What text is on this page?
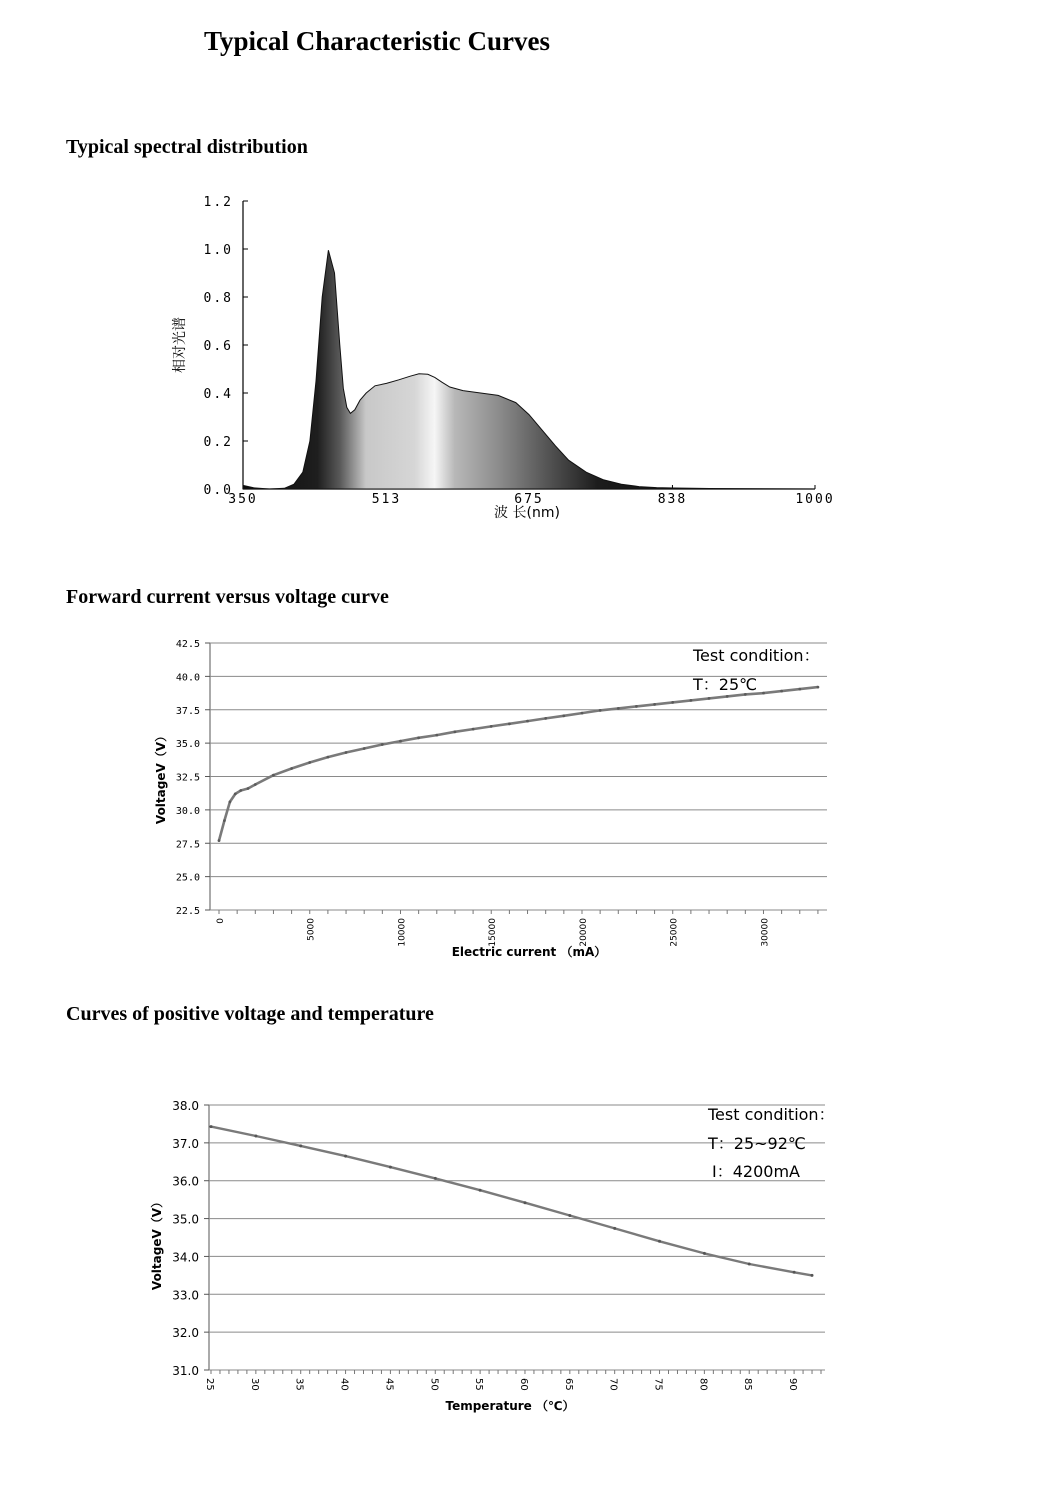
Typical Characteristic Curves
Typical spectral distribution
Forward current versus voltage curve
Curves of positive voltage and temperature
0.0
0.2
0.4
0.6
0.8
1.0
1.2
350	513	675	838	1000
波 长(nm)
相对光谱
22.5
25.0
27.5
30.0
32.5
35.0
37.5
40.0
42.5
0	5000	10000	15000	20000	25000	30000
Electric current （mA）
VoltageV（V）
Test condition：
T：25℃
31.0
32.0
33.0
34.0
35.0
36.0
37.0
38.0
25	30	35	40	45	50	55	60	65	70	75	80	85	90
Temperature （℃）
VoltageV（V）
Test condition：
T：25~92℃
I：4200mA
